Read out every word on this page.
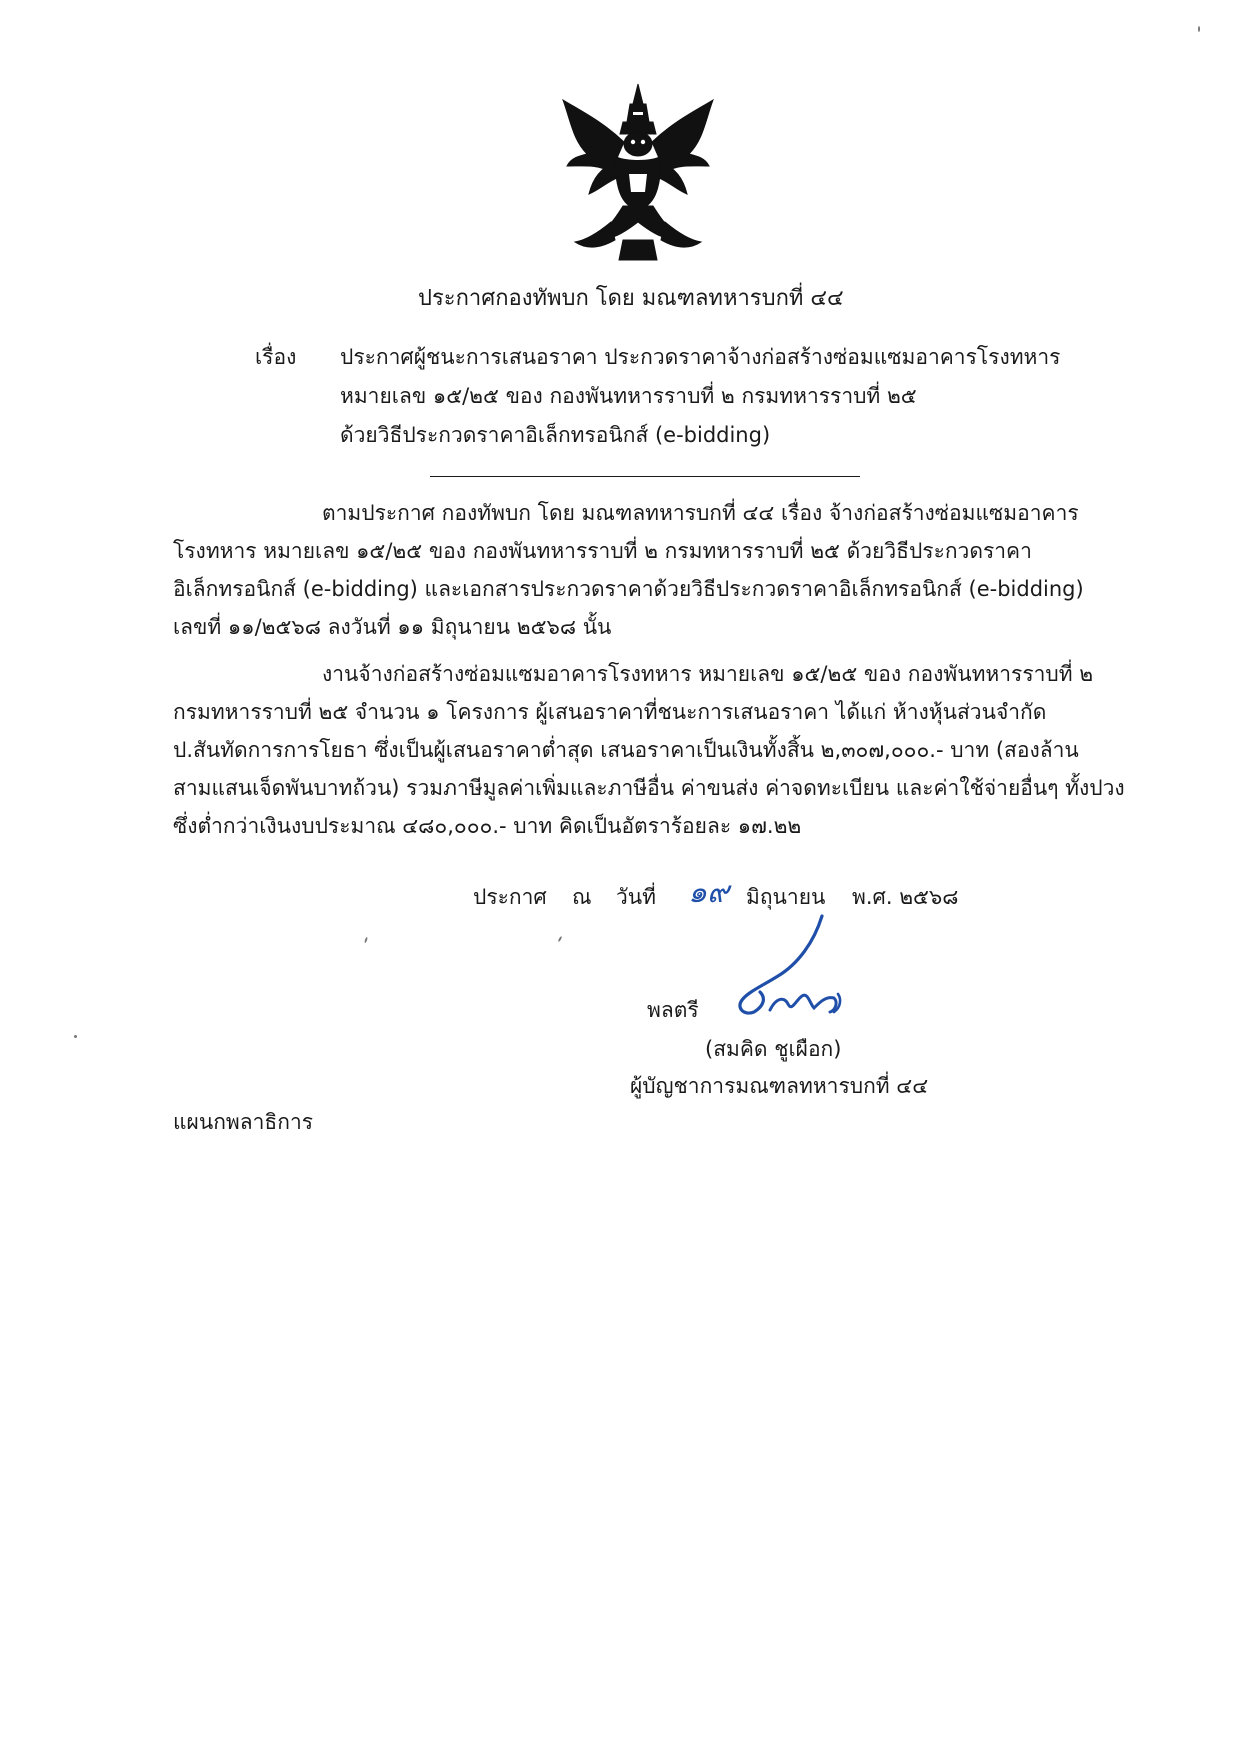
ประกาศกองทัพบก โดย มณฑลทหารบกที่ ๔๔
เรื่อง ประกาศผู้ชนะการเสนอราคา ประกวดราคาจ้างก่อสร้างซ่อมแซมอาคารโรงทหาร
หมายเลข ๑๕/๒๕ ของ กองพันทหารราบที่ ๒ กรมทหารราบที่ ๒๕
ด้วยวิธีประกวดราคาอิเล็กทรอนิกส์ (e-bidding)
ตามประกาศ กองทัพบก โดย มณฑลทหารบกที่ ๔๔ เรื่อง จ้างก่อสร้างซ่อมแซมอาคาร
โรงทหาร หมายเลข ๑๕/๒๕ ของ กองพันทหารราบที่ ๒ กรมทหารราบที่ ๒๕ ด้วยวิธีประกวดราคา
อิเล็กทรอนิกส์ (e-bidding) และเอกสารประกวดราคาด้วยวิธีประกวดราคาอิเล็กทรอนิกส์ (e-bidding)
เลขที่ ๑๑/๒๕๖๘ ลงวันที่ ๑๑ มิถุนายน ๒๕๖๘ นั้น
งานจ้างก่อสร้างซ่อมแซมอาคารโรงทหาร หมายเลข ๑๕/๒๕ ของ กองพันทหารราบที่ ๒
กรมทหารราบที่ ๒๕ จำนวน ๑ โครงการ ผู้เสนอราคาที่ชนะการเสนอราคา ได้แก่ ห้างหุ้นส่วนจำกัด
ป.สันทัดการการโยธา ซึ่งเป็นผู้เสนอราคาต่ำสุด เสนอราคาเป็นเงินทั้งสิ้น ๒,๓๐๗,๐๐๐.- บาท (สองล้าน
สามแสนเจ็ดพันบาทถ้วน) รวมภาษีมูลค่าเพิ่มและภาษีอื่น ค่าขนส่ง ค่าจดทะเบียน และค่าใช้จ่ายอื่นๆ ทั้งปวง
ซึ่งต่ำกว่าเงินงบประมาณ ๔๘๐,๐๐๐.- บาท คิดเป็นอัตราร้อยละ ๑๗.๒๒
ประกาศ ณ วันที่ ๑๙ มิถุนายน พ.ศ. ๒๕๖๘
พลตรี
(สมคิด ชูเผือก)
ผู้บัญชาการมณฑลทหารบกที่ ๔๔
แผนกพลาธิการ
